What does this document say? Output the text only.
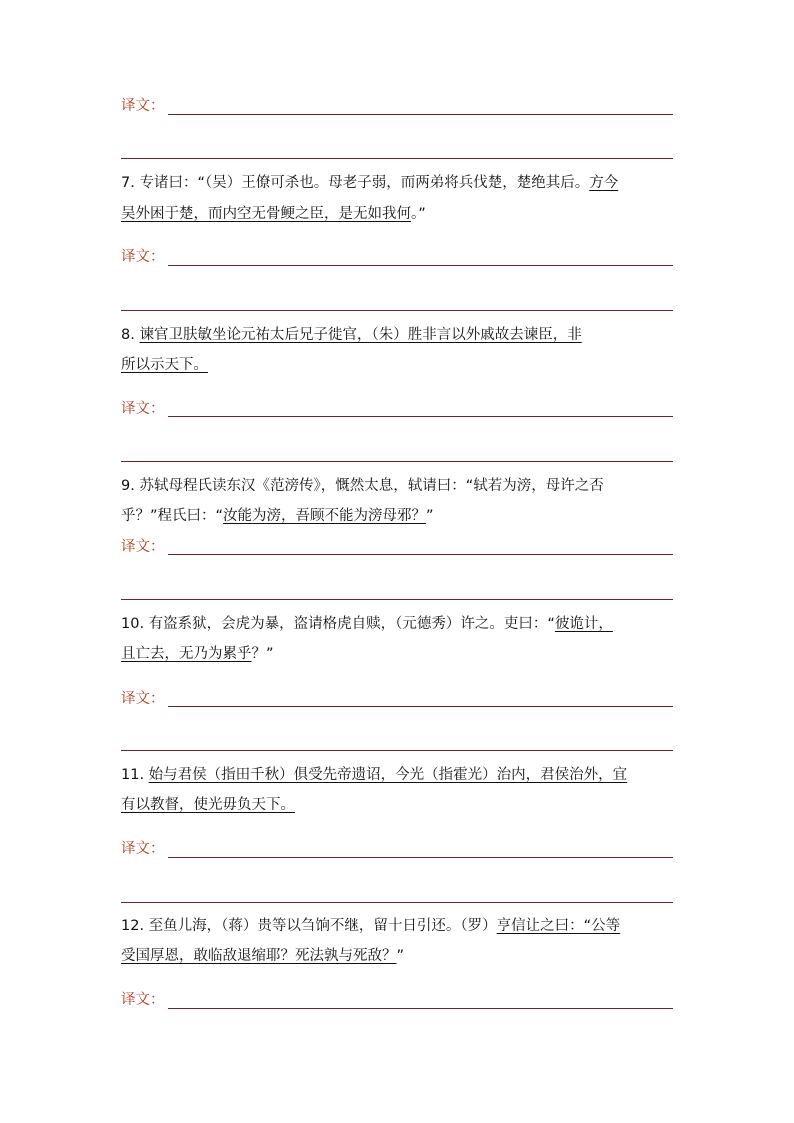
译文：
7. 专诸曰：“（吴）王僚可杀也。母老子弱，而两弟将兵伐楚，楚绝其后。方今
吴外困于楚，而内空无骨鲠之臣，是无如我何。”
译文：
8. 谏官卫肤敏坐论元祐太后兄子徙官，（朱）胜非言以外戚故去谏臣，非
所以示天下。
译文：
9. 苏轼母程氏读东汉《范滂传》，慨然太息，轼请曰：“轼若为滂，母许之否
乎？”程氏曰：“汝能为滂，吾顾不能为滂母邪？”
译文：
10. 有盗系狱，会虎为暴，盗请格虎自赎，（元德秀）许之。吏曰：“彼诡计，
且亡去，无乃为累乎？”
译文：
11. 始与君侯（指田千秋）俱受先帝遗诏，今光（指霍光）治内，君侯治外，宜
有以教督，使光毋负天下。
译文：
12. 至鱼儿海，（蒋）贵等以刍饷不继，留十日引还。（罗）亨信让之曰：“公等
受国厚恩，敢临敌退缩耶？死法孰与死敌？”
译文：
